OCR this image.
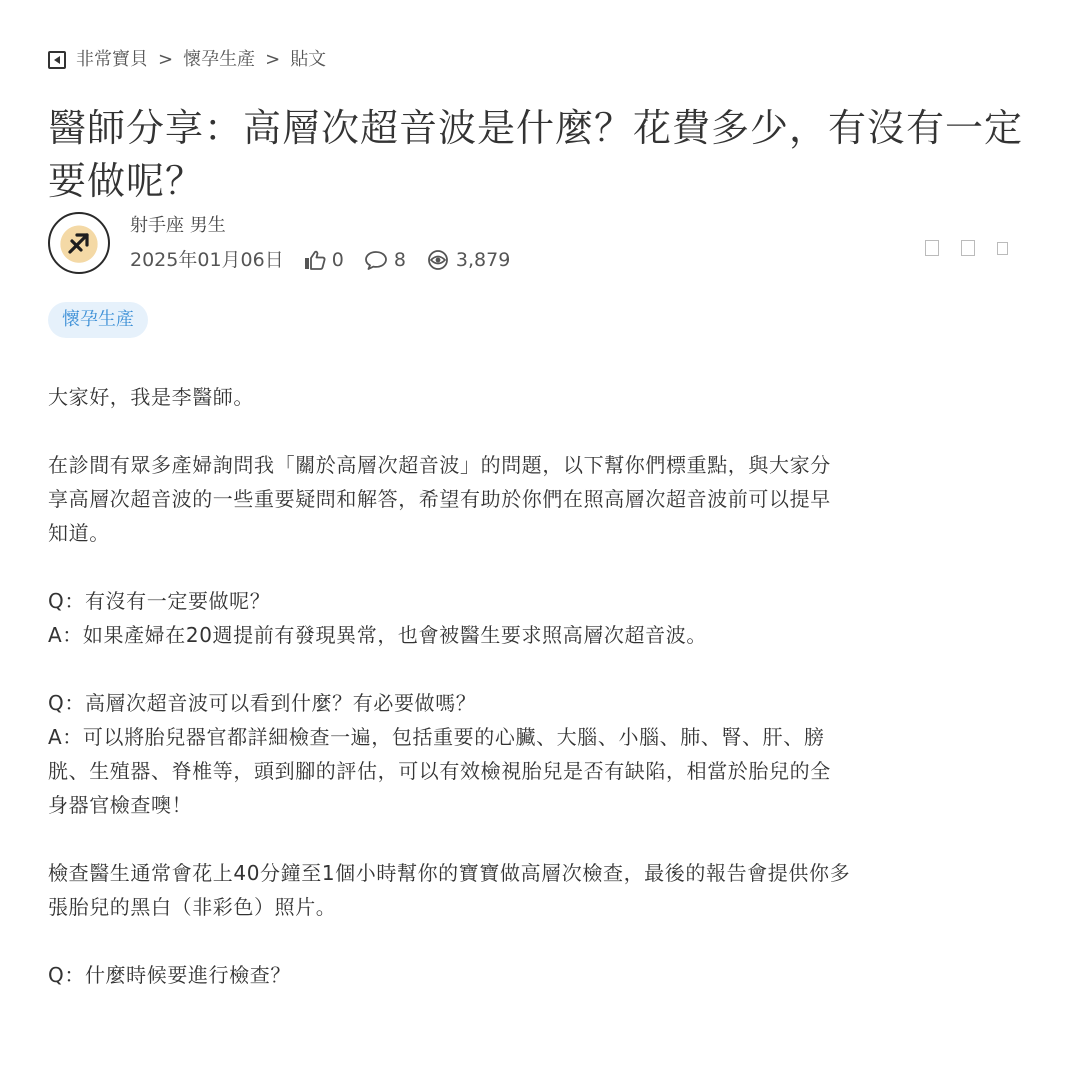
非常寶貝 > 懷孕生產 > 貼文
醫師分享：高層次超音波是什麼？花費多少，有沒有一定
要做呢？
射手座 男生
2025年01月06日	0	8	3,879
懷孕生產

大家好，我是李醫師。

在診間有眾多產婦詢問我「關於高層次超音波」的問題，以下幫你們標重點，與大家分
享高層次超音波的一些重要疑問和解答，希望有助於你們在照高層次超音波前可以提早
知道。

Q：有沒有一定要做呢？
A：如果產婦在20週提前有發現異常，也會被醫生要求照高層次超音波。

Q：高層次超音波可以看到什麼？有必要做嗎？
A：可以將胎兒器官都詳細檢查一遍，包括重要的心臟、大腦、小腦、肺、腎、肝、膀
胱、生殖器、脊椎等，頭到腳的評估，可以有效檢視胎兒是否有缺陷，相當於胎兒的全
身器官檢查噢！

檢查醫生通常會花上40分鐘至1個小時幫你的寶寶做高層次檢查，最後的報告會提供你多
張胎兒的黑白（非彩色）照片。

Q：什麼時候要進行檢查？
